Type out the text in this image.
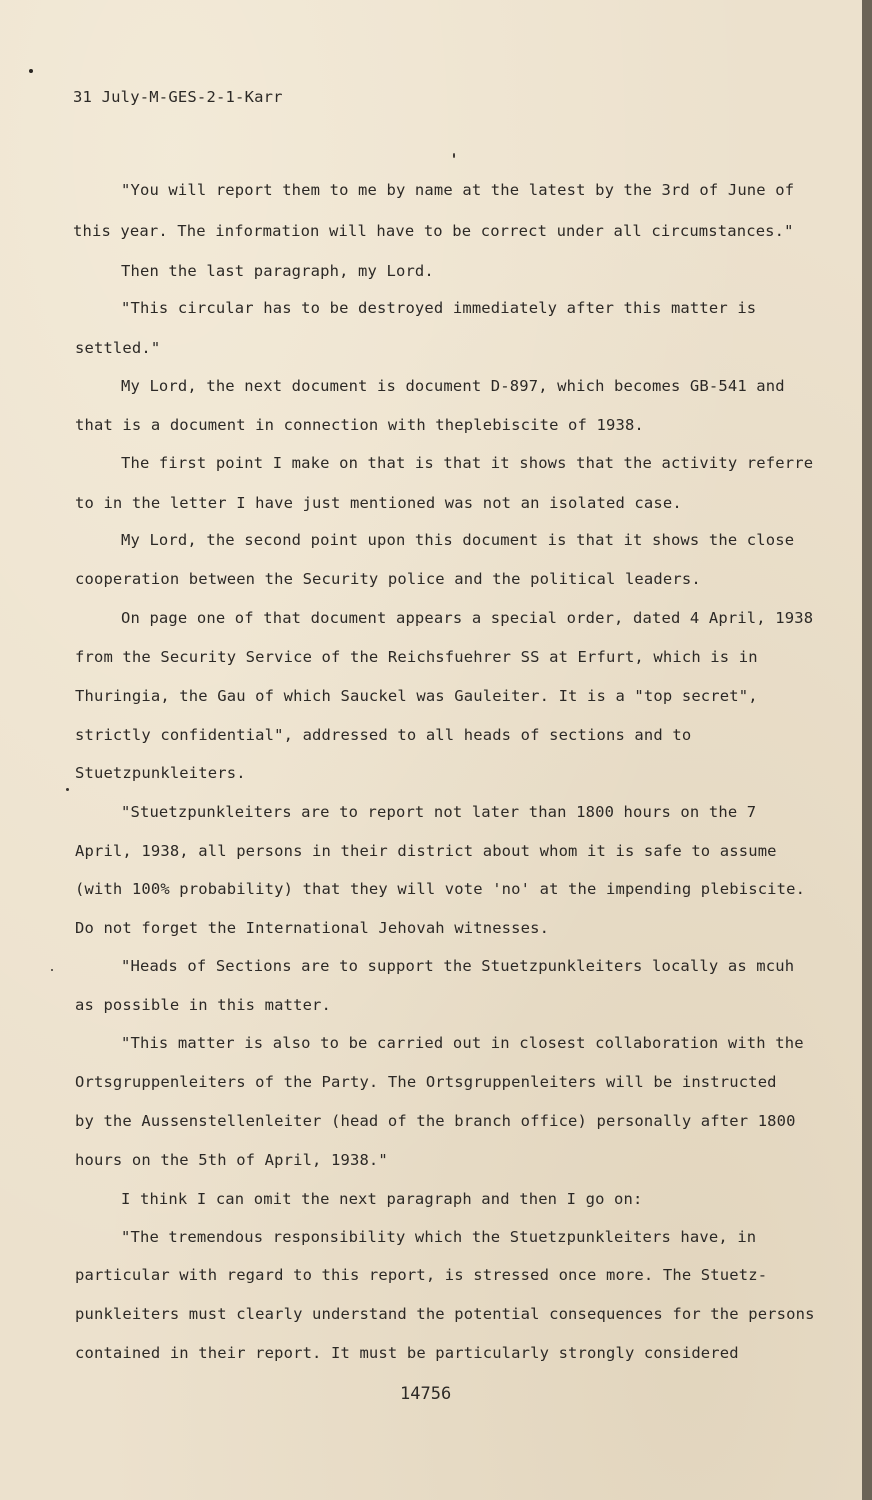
31 July-M-GES-2-1-Karr
"You will report them to me by name at the latest by the 3rd of June of
this year. The information will have to be correct under all circumstances."
Then the last paragraph, my Lord.
"This circular has to be destroyed immediately after this matter is
settled."
My Lord, the next document is document D-897, which becomes GB-541 and
that is a document in connection with theplebiscite of 1938.
The first point I make on that is that it shows that the activity referre
to in the letter I have just mentioned was not an isolated case.
My Lord, the second point upon this document is that it shows the close
cooperation between the Security police and the political leaders.
On page one of that document appears a special order, dated 4 April, 1938
from the Security Service of the Reichsfuehrer SS at Erfurt, which is in
Thuringia, the Gau of which Sauckel was Gauleiter. It is a "top secret",
strictly confidential", addressed to all heads of sections and to
Stuetzpunkleiters.
"Stuetzpunkleiters are to report not later than 1800 hours on the 7
April, 1938, all persons in their district about whom it is safe to assume
(with 100% probability) that they will vote 'no' at the impending plebiscite.
Do not forget the International Jehovah witnesses.
"Heads of Sections are to support the Stuetzpunkleiters locally as mcuh
as possible in this matter.
"This matter is also to be carried out in closest collaboration with the
Ortsgruppenleiters of the Party. The Ortsgruppenleiters will be instructed
by the Aussenstellenleiter (head of the branch office) personally after 1800
hours on the 5th of April, 1938."
I think I can omit the next paragraph and then I go on:
"The tremendous responsibility which the Stuetzpunkleiters have, in
particular with regard to this report, is stressed once more. The Stuetz-
punkleiters must clearly understand the potential consequences for the persons
contained in their report. It must be particularly strongly considered
14756
